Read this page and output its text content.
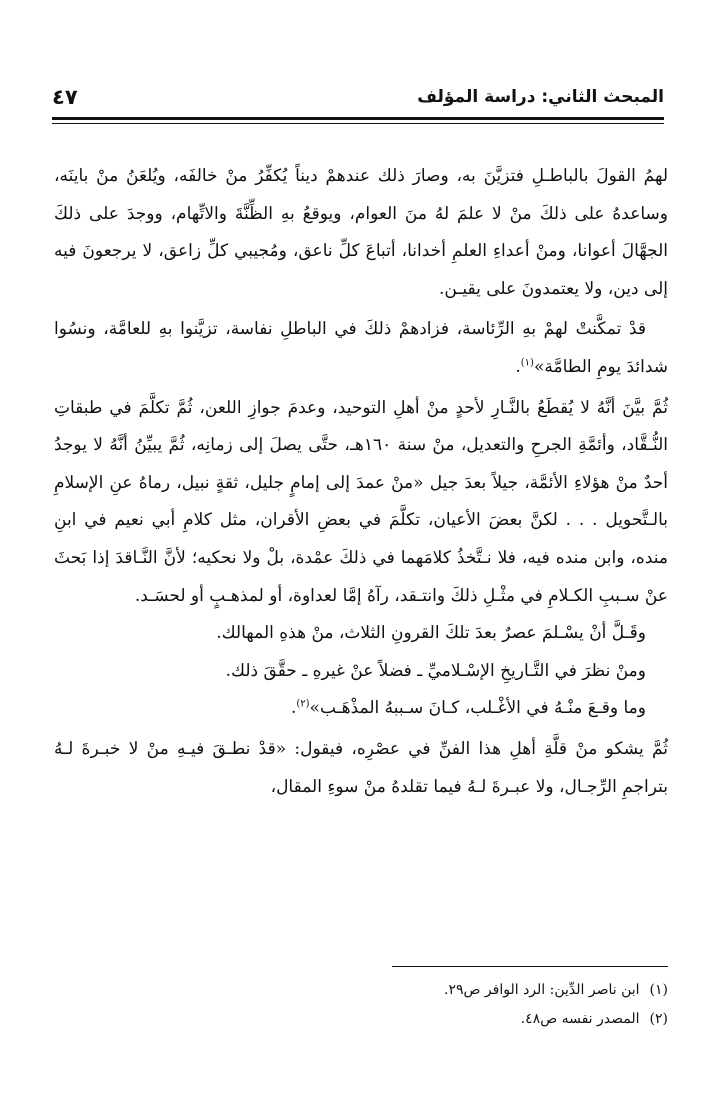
المبحث الثاني: دراسة المؤلف
٤٧

لهمُ القولَ بالباطـلِ فتزيَّنَ به، وصارَ ذلك عندهمْ ديناً يُكفِّرُ منْ خالفَه، ويُلعَنُ منْ باينَه، وساعدهُ على ذلكَ منْ لا علمَ لهُ منَ العوام، ويوقعُ بهِ الظِّنَّةَ والاتِّهام، ووجدَ على ذلكَ الجهَّالَ أعوانا، ومنْ أعداءِ العلمِ أخدانا، أتباعَ كلِّ ناعق، ومُجيبي كلِّ زاعق، لا يرجعونَ فيه إلى دين، ولا يعتمدونَ على يقيـن.

قدْ تمكَّنتْ لهمْ بهِ الرِّئاسة، فزادهمْ ذلكَ في الباطلِ نفاسة، تزيَّنوا بهِ للعامَّة، ونسُوا شدائدَ يومِ الطامَّة»$^{(١)}$.

ثُمَّ بيَّنَ أنَّهُ لا يُقطَعُ بالنَّـارِ لأحدٍ منْ أهلِ التوحيد، وعدمَ جوازِ اللعن، ثُمَّ تكلَّمَ في طبقاتِ النُّـقَّاد، وأئمَّةِ الجرحِ والتعديل، منْ سنة ١٦٠هـ، حتَّى يصلَ إلى زمانِه، ثُمَّ يبيِّنُ أنَّهُ لا يوجدُ أحدٌ منْ هؤلاءِ الأئمَّة، جيلاً بعدَ جيل «منْ عمدَ إلى إمامٍ جليل، ثقةٍ نبيل، رماهُ عنِ الإسلامِ بالـتَّحويل . . . لكنَّ بعضَ الأعيان، تكلَّمَ في بعضِ الأقران، مثل كلامِ أبي نعيم في ابنِ منده، وابن منده فيه، فلا نـتَّخذُ كلامَهما في ذلكَ عمْدة، بلْ ولا نحكيه؛ لأنَّ النَّـاقدَ إذا بَحثَ عنْ سـببِ الكـلامِ في مثْـلِ ذلكَ وانتـقد، رآهُ إمَّا لعداوة، أو لمذهـبٍ أو لحسَـد.

وقَـلَّ أنْ يسْـلمَ عصرٌ بعدَ تلكَ القرونِ الثلاث، منْ هذهِ المهالك.

ومنْ نظرَ في التَّـاريخِ الإسْـلاميِّ ـ فضلاً عنْ غيرهِ ـ حقَّقَ ذلك.

وما وقـعَ منْـهُ في الأغْـلب، كـانَ سـببهُ المذْهَـب»$^{(٢)}$.

ثُمَّ يشكو منْ قلَّةِ أهلِ هذا الفنِّ في عصْرِه، فيقول: «قدْ نطـقَ فيـهِ منْ لا خبـرةَ لـهُ بتراجمِ الرِّجـال، ولا عبـرةَ لـهُ فيما تقلدهُ منْ سوءِ المقال،

(١)ابن ناصر الدِّين: الرد الوافر ص٢٩.

(٢)المصدر نفسه ص٤٨.
